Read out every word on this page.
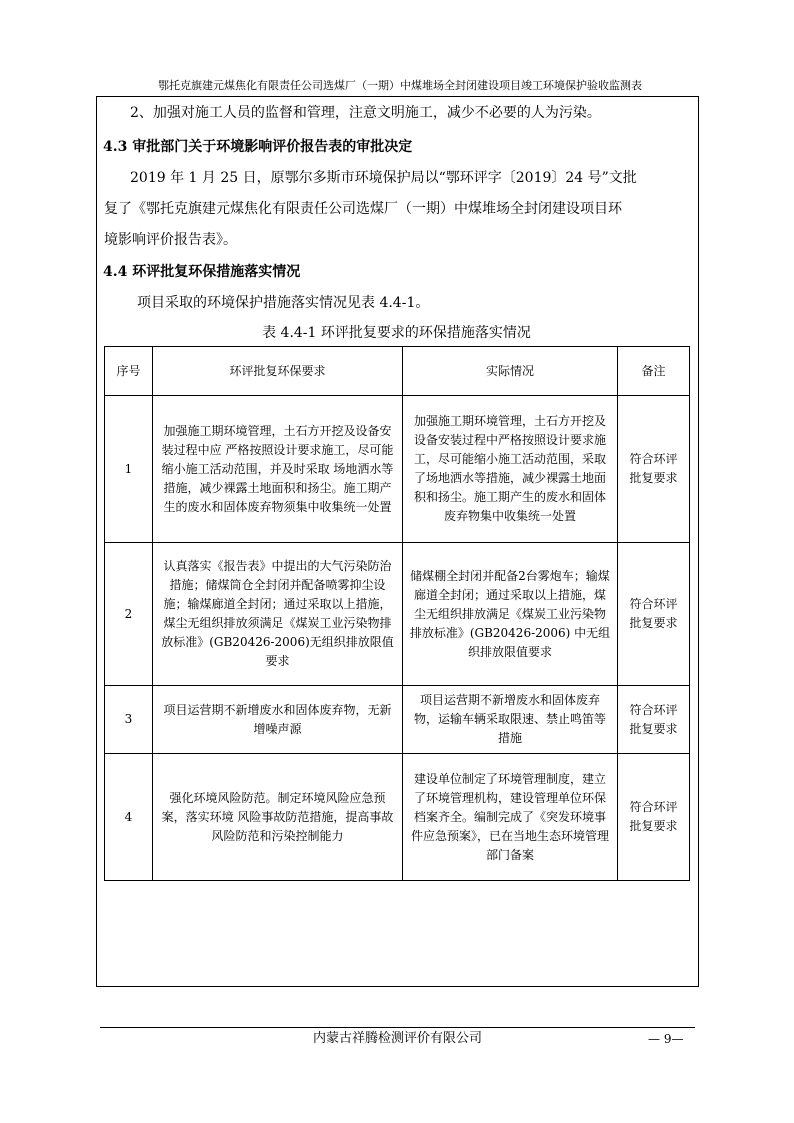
鄂托克旗建元煤焦化有限责任公司选煤厂（一期）中煤堆场全封闭建设项目竣工环境保护验收监测表
2、加强对施工人员的监督和管理，注意文明施工，减少不必要的人为污染。
4.3 审批部门关于环境影响评价报告表的审批决定
2019 年 1 月 25 日，原鄂尔多斯市环境保护局以“鄂环评字〔2019〕24 号”文批
复了《鄂托克旗建元煤焦化有限责任公司选煤厂（一期）中煤堆场全封闭建设项目环
境影响评价报告表》。
4.4 环评批复环保措施落实情况
项目采取的环境保护措施落实情况见表 4.4-1。
表 4.4-1 环评批复要求的环保措施落实情况
序号	环评批复环保要求	实际情况	备注
1	加强施工期环境管理，土石方开挖及设备安装过程中应 严格按照设计要求施工，尽可能缩小施工活动范围，并及时采取 场地洒水等措施，减少裸露土地面积和扬尘。施工期产生的废水和固体废弃物须集中收集统一处置	加强施工期环境管理，土石方开挖及设备安装过程中严格按照设计要求施工，尽可能缩小施工活动范围，采取了场地洒水等措施，减少裸露土地面积和扬尘。施工期产生的废水和固体废弃物集中收集统一处置	符合环评批复要求
2	认真落实《报告表》中提出的大气污染防治措施；储煤筒仓全封闭并配备喷雾抑尘设施；输煤廊道全封闭；通过采取以上措施，煤尘无组织排放须满足《煤炭工业污染物排放标准》(GB20426-2006)无组织排放限值要求	储煤棚全封闭并配备2台雾炮车；输煤廊道全封闭；通过采取以上措施，煤尘无组织排放满足《煤炭工业污染物排放标准》(GB20426-2006) 中无组织排放限值要求	符合环评批复要求
3	项目运营期不新增废水和固体废弃物，无新增噪声源	项目运营期不新增废水和固体废弃物，运输车辆采取限速、禁止鸣笛等措施	符合环评批复要求
4	强化环境风险防范。制定环境风险应急预案，落实环境 风险事故防范措施，提高事故风险防范和污染控制能力	建设单位制定了环境管理制度，建立了环境管理机构，建设管理单位环保档案齐全。编制完成了《突发环境事件应急预案》，已在当地生态环境管理部门备案	符合环评批复要求
内蒙古祥腾检测评价有限公司	— 9—
